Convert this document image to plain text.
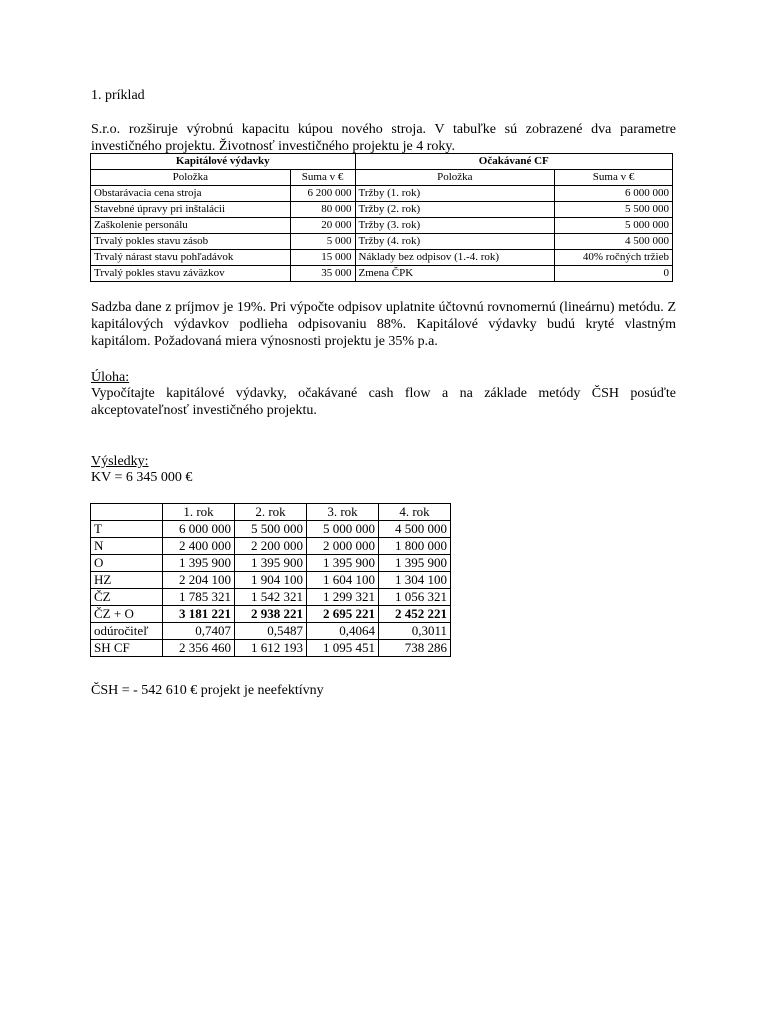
1. príklad

S.r.o. rozširuje výrobnú kapacitu kúpou nového stroja. V tabuľke sú zobrazené dva parametre investičného projektu. Životnosť investičného projektu je 4 roky.

Kapitálové výdavky		Očakávané CF	
Položka	Suma v €	Položka	Suma v €
Obstarávacia cena stroja	6 200 000	Tržby (1. rok)	6 000 000
Stavebné úpravy pri inštalácii	80 000	Tržby (2. rok)	5 500 000
Zaškolenie personálu	20 000	Tržby (3. rok)	5 000 000
Trvalý pokles stavu zásob	5 000	Tržby (4. rok)	4 500 000
Trvalý nárast stavu pohľadávok	15 000	Náklady bez odpisov (1.-4. rok)	40% ročných tržieb
Trvalý pokles stavu záväzkov	35 000	Zmena ČPK	0

Sadzba dane z príjmov je 19%. Pri výpočte odpisov uplatnite účtovnú rovnomernú (lineárnu) metódu. Z kapitálových výdavkov podlieha odpisovaniu 88%. Kapitálové výdavky budú kryté vlastným kapitálom. Požadovaná miera výnosnosti projektu je 35% p.a.

Úloha:

Vypočítajte kapitálové výdavky, očakávané cash flow a na základe metódy ČSH posúďte akceptovateľnosť investičného projektu.

Výsledky:

KV = 6 345 000 €

ČSH = - 542 610 € projekt je neefektívny

	1. rok	2. rok	3. rok	4. rok
T	6 000 000	5 500 000	5 000 000	4 500 000
N	2 400 000	2 200 000	2 000 000	1 800 000
O	1 395 900	1 395 900	1 395 900	1 395 900
HZ	2 204 100	1 904 100	1 604 100	1 304 100
ČZ	1 785 321	1 542 321	1 299 321	1 056 321
ČZ + O	3 181 221	2 938 221	2 695 221	2 452 221
odúročiteľ	0,7407	0,5487	0,4064	0,3011
SH CF	2 356 460	1 612 193	1 095 451	738 286
